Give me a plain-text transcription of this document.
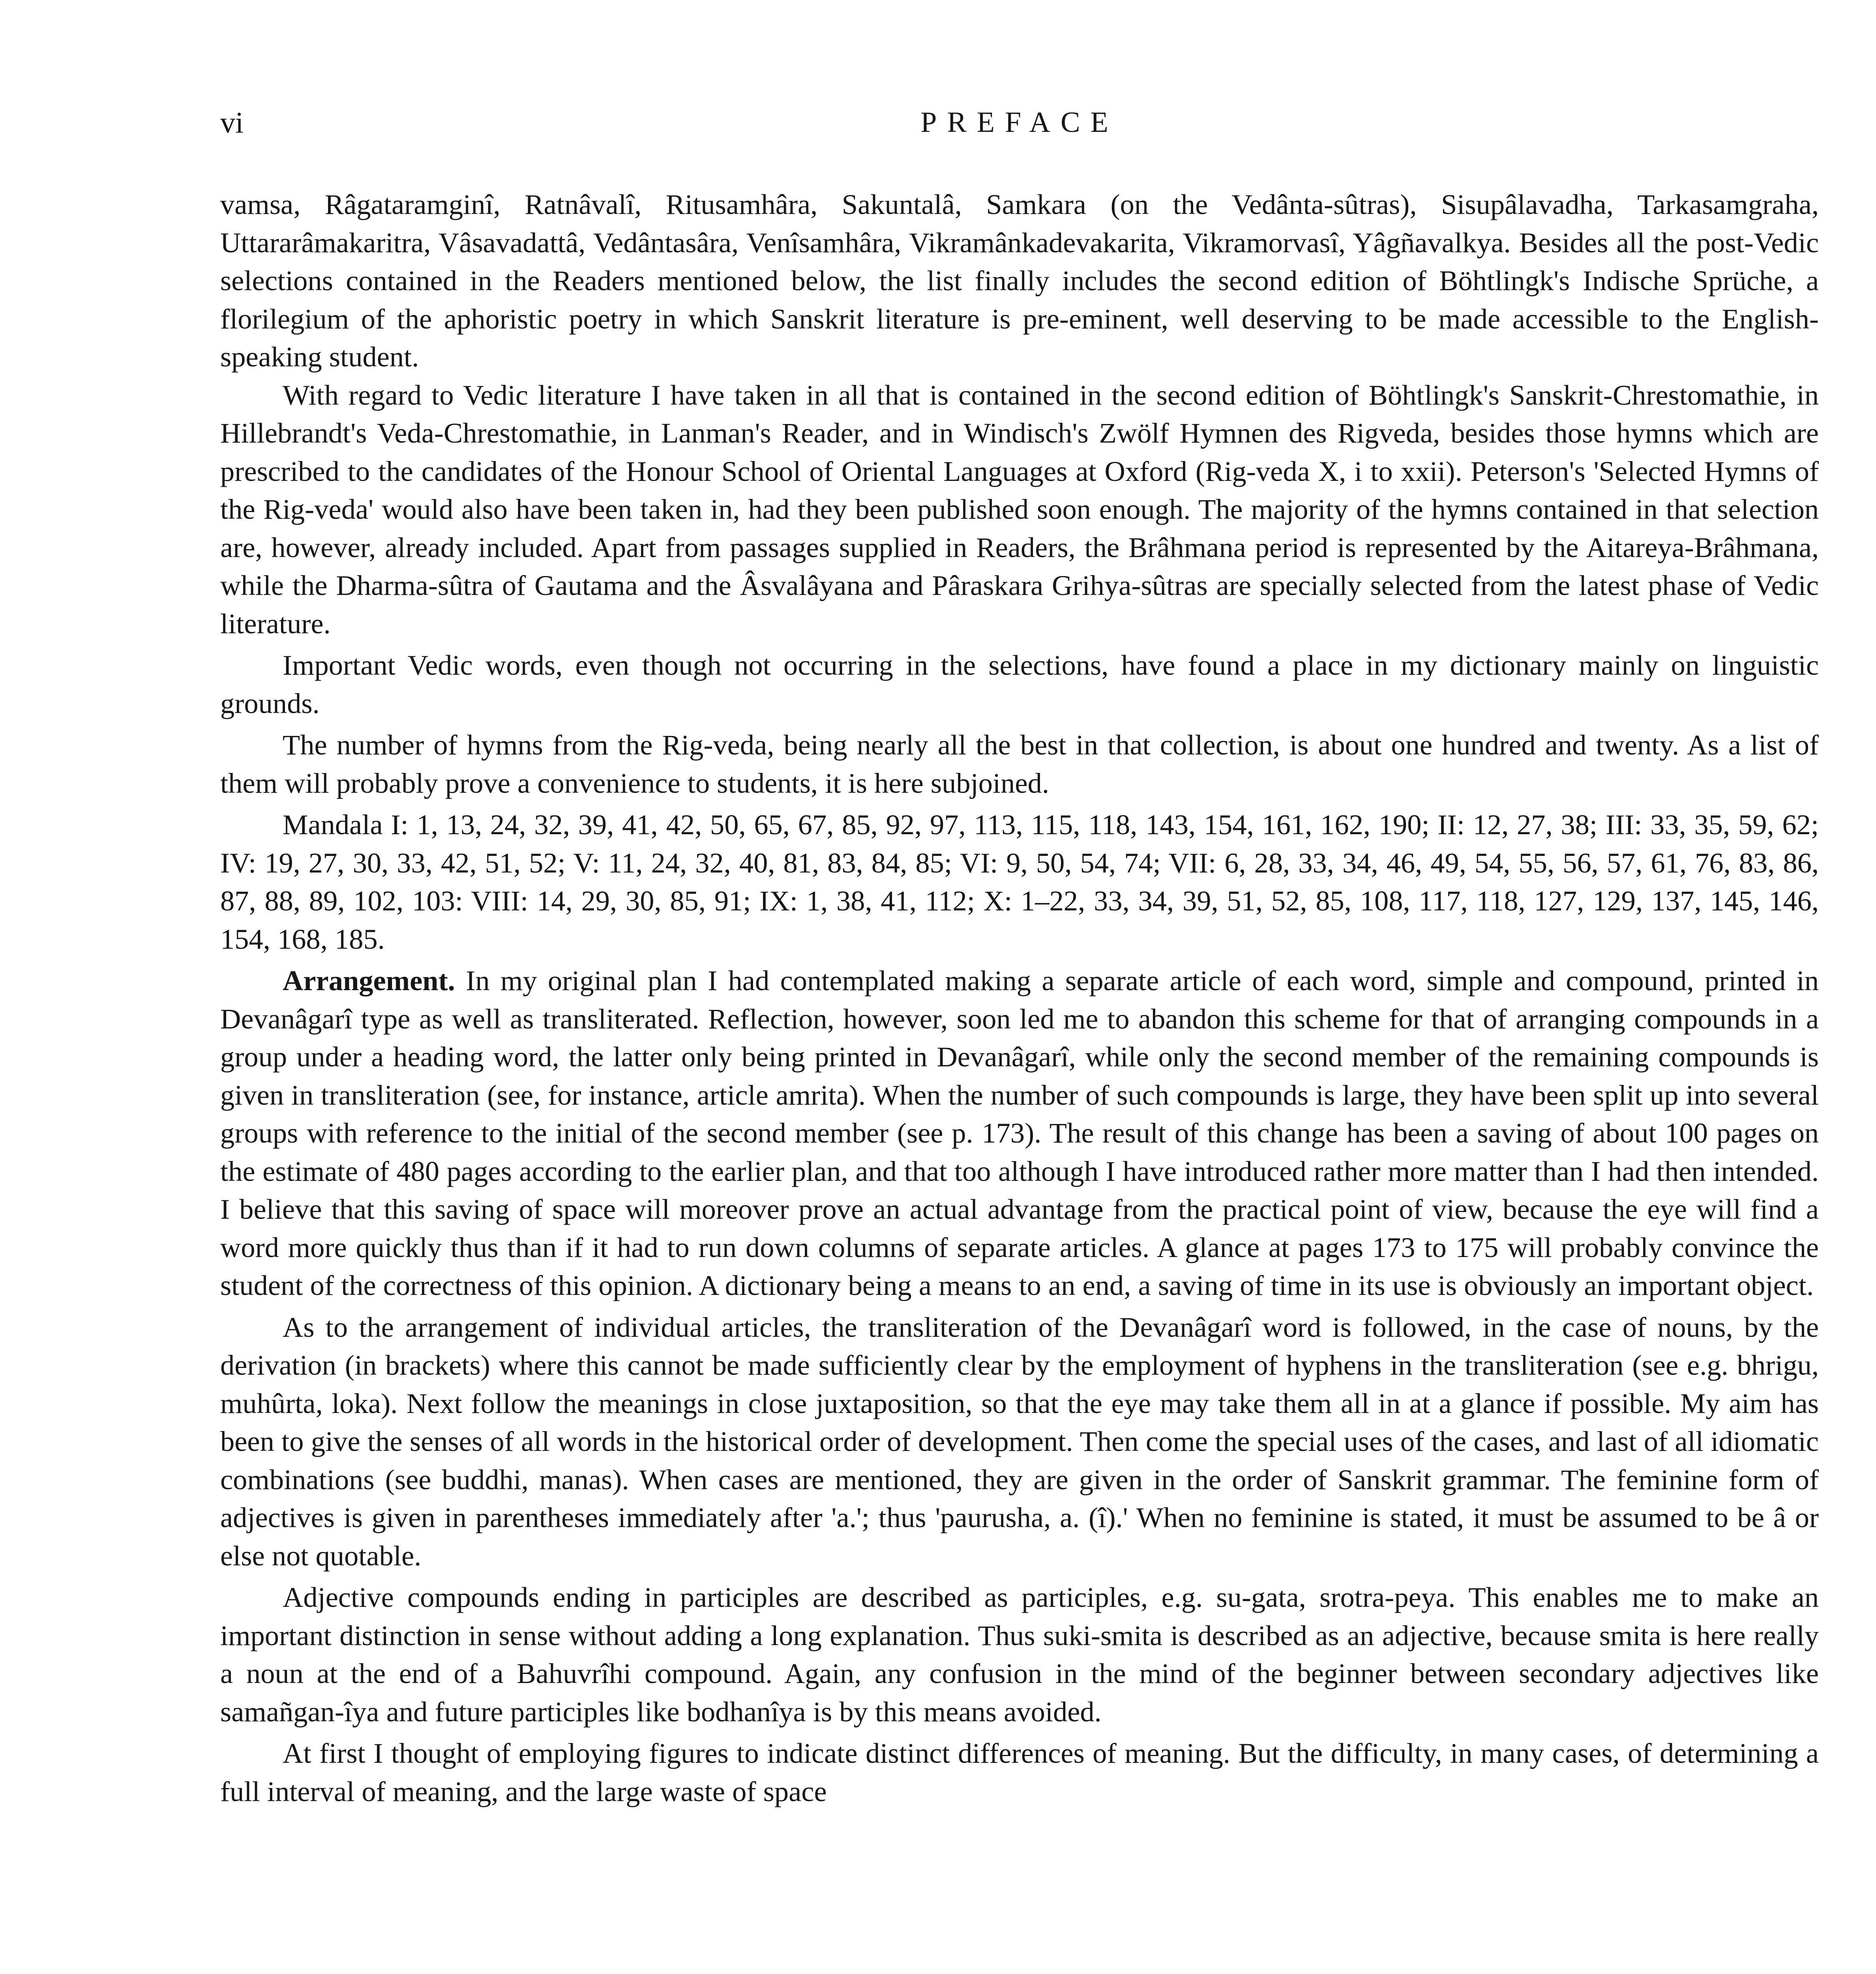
vi	PREFACE

vamsa, Râgataramginî, Ratnâvalî, Ritusamhâra, Sakuntalâ, Samkara (on the Vedânta-sûtras), Sisupâlavadha, Tarkasamgraha, Uttararâmakaritra, Vâsavadattâ, Vedântasâra, Venîsamhâra, Vikramânkadevakarita, Vikramorvasî, Yâgñavalkya. Besides all the post-Vedic selections contained in the Readers mentioned below, the list finally includes the second edition of Böhtlingk's Indische Sprüche, a florilegium of the aphoristic poetry in which Sanskrit literature is pre-eminent, well deserving to be made accessible to the English-speaking student.

With regard to Vedic literature I have taken in all that is contained in the second edition of Böhtlingk's Sanskrit-Chrestomathie, in Hillebrandt's Veda-Chrestomathie, in Lanman's Reader, and in Windisch's Zwölf Hymnen des Rigveda, besides those hymns which are prescribed to the candidates of the Honour School of Oriental Languages at Oxford (Rig-veda X, i to xxii). Peterson's 'Selected Hymns of the Rig-veda' would also have been taken in, had they been published soon enough. The majority of the hymns contained in that selection are, however, already included. Apart from passages supplied in Readers, the Brâhmana period is represented by the Aitareya-Brâhmana, while the Dharma-sûtra of Gautama and the Âsvalâyana and Pâraskara Grihya-sûtras are specially selected from the latest phase of Vedic literature.

Important Vedic words, even though not occurring in the selections, have found a place in my dictionary mainly on linguistic grounds.

The number of hymns from the Rig-veda, being nearly all the best in that collection, is about one hundred and twenty. As a list of them will probably prove a convenience to students, it is here subjoined.

Mandala I: 1, 13, 24, 32, 39, 41, 42, 50, 65, 67, 85, 92, 97, 113, 115, 118, 143, 154, 161, 162, 190; II: 12, 27, 38; III: 33, 35, 59, 62; IV: 19, 27, 30, 33, 42, 51, 52; V: 11, 24, 32, 40, 81, 83, 84, 85; VI: 9, 50, 54, 74; VII: 6, 28, 33, 34, 46, 49, 54, 55, 56, 57, 61, 76, 83, 86, 87, 88, 89, 102, 103: VIII: 14, 29, 30, 85, 91; IX: 1, 38, 41, 112; X: 1–22, 33, 34, 39, 51, 52, 85, 108, 117, 118, 127, 129, 137, 145, 146, 154, 168, 185.

Arrangement. In my original plan I had contemplated making a separate article of each word, simple and compound, printed in Devanâgarî type as well as transliterated. Reflection, however, soon led me to abandon this scheme for that of arranging compounds in a group under a heading word, the latter only being printed in Devanâgarî, while only the second member of the remaining compounds is given in transliteration (see, for instance, article amrita). When the number of such compounds is large, they have been split up into several groups with reference to the initial of the second member (see p. 173). The result of this change has been a saving of about 100 pages on the estimate of 480 pages according to the earlier plan, and that too although I have introduced rather more matter than I had then intended. I believe that this saving of space will moreover prove an actual advantage from the practical point of view, because the eye will find a word more quickly thus than if it had to run down columns of separate articles. A glance at pages 173 to 175 will probably convince the student of the correctness of this opinion. A dictionary being a means to an end, a saving of time in its use is obviously an important object.

As to the arrangement of individual articles, the transliteration of the Devanâgarî word is followed, in the case of nouns, by the derivation (in brackets) where this cannot be made sufficiently clear by the employment of hyphens in the transliteration (see e.g. bhrigu, muhûrta, loka). Next follow the meanings in close juxtaposition, so that the eye may take them all in at a glance if possible. My aim has been to give the senses of all words in the historical order of development. Then come the special uses of the cases, and last of all idiomatic combinations (see buddhi, manas). When cases are mentioned, they are given in the order of Sanskrit grammar. The feminine form of adjectives is given in parentheses immediately after 'a.'; thus 'paurusha, a. (î).' When no feminine is stated, it must be assumed to be â or else not quotable.

Adjective compounds ending in participles are described as participles, e.g. su-gata, srotra-peya. This enables me to make an important distinction in sense without adding a long explanation. Thus suki-smita is described as an adjective, because smita is here really a noun at the end of a Bahuvrîhi compound. Again, any confusion in the mind of the beginner between secondary adjectives like samañgan-îya and future participles like bodhanîya is by this means avoided.

At first I thought of employing figures to indicate distinct differences of meaning. But the difficulty, in many cases, of determining a full interval of meaning, and the large waste of space
